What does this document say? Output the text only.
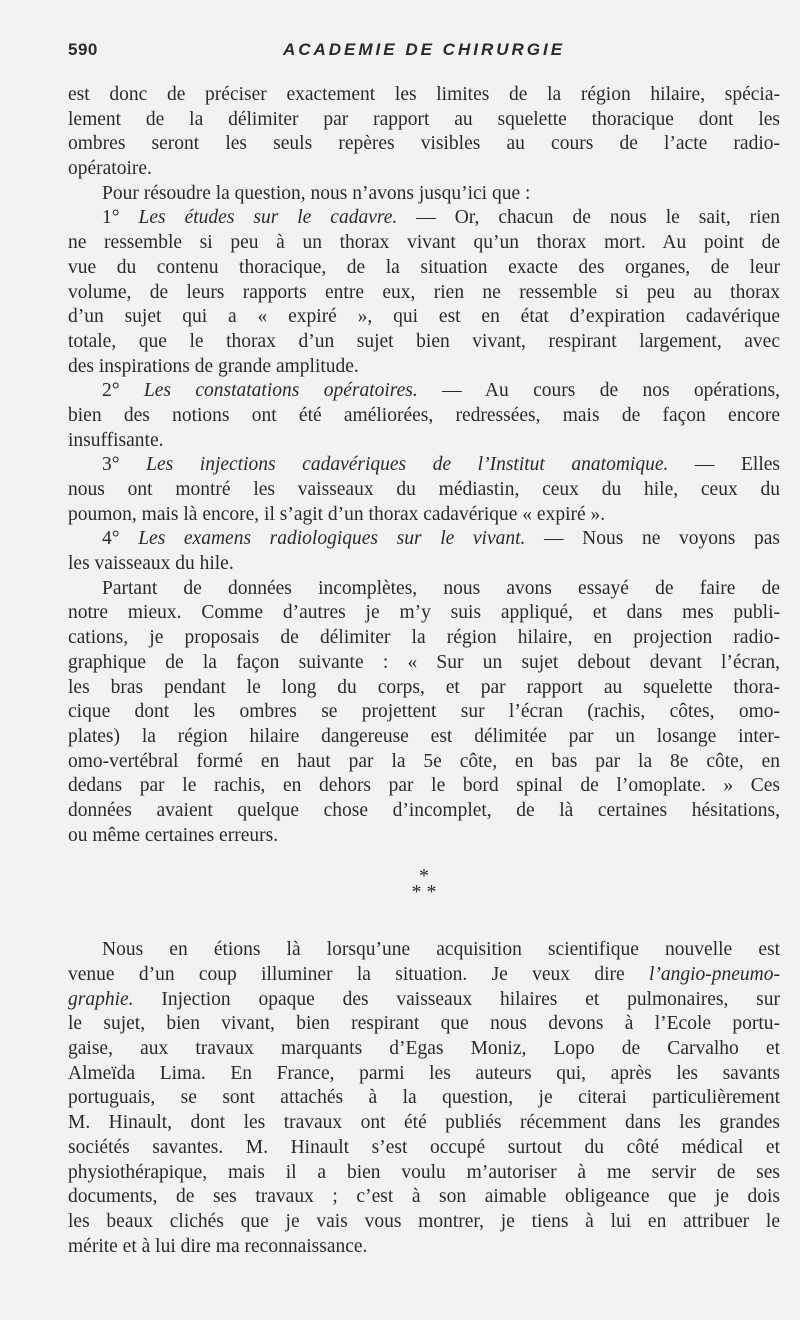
590	ACADEMIE DE CHIRURGIE
est donc de préciser exactement les limites de la région hilaire, spécia-
lement de la délimiter par rapport au squelette thoracique dont les
ombres seront les seuls repères visibles au cours de l’acte radio-
opératoire.
Pour résoudre la question, nous n’avons jusqu’ici que :
1° Les études sur le cadavre. — Or, chacun de nous le sait, rien
ne ressemble si peu à un thorax vivant qu’un thorax mort. Au point de
vue du contenu thoracique, de la situation exacte des organes, de leur
volume, de leurs rapports entre eux, rien ne ressemble si peu au thorax
d’un sujet qui a « expiré », qui est en état d’expiration cadavérique
totale, que le thorax d’un sujet bien vivant, respirant largement, avec
des inspirations de grande amplitude.
2° Les constatations opératoires. — Au cours de nos opérations,
bien des notions ont été améliorées, redressées, mais de façon encore
insuffisante.
3° Les injections cadavériques de l’Institut anatomique. — Elles
nous ont montré les vaisseaux du médiastin, ceux du hile, ceux du
poumon, mais là encore, il s’agit d’un thorax cadavérique « expiré ».
4° Les examens radiologiques sur le vivant. — Nous ne voyons pas
les vaisseaux du hile.
Partant de données incomplètes, nous avons essayé de faire de
notre mieux. Comme d’autres je m’y suis appliqué, et dans mes publi-
cations, je proposais de délimiter la région hilaire, en projection radio-
graphique de la façon suivante : « Sur un sujet debout devant l’écran,
les bras pendant le long du corps, et par rapport au squelette thora-
cique dont les ombres se projettent sur l’écran (rachis, côtes, omo-
plates) la région hilaire dangereuse est délimitée par un losange inter-
omo-vertébral formé en haut par la 5e côte, en bas par la 8e côte, en
dedans par le rachis, en dehors par le bord spinal de l’omoplate. » Ces
données avaient quelque chose d’incomplet, de là certaines hésitations,
ou même certaines erreurs.
*
* *
Nous en étions là lorsqu’une acquisition scientifique nouvelle est
venue d’un coup illuminer la situation. Je veux dire l’angio-pneumo-
graphie. Injection opaque des vaisseaux hilaires et pulmonaires, sur
le sujet, bien vivant, bien respirant que nous devons à l’Ecole portu-
gaise, aux travaux marquants d’Egas Moniz, Lopo de Carvalho et
Almeïda Lima. En France, parmi les auteurs qui, après les savants
portuguais, se sont attachés à la question, je citerai particulièrement
M. Hinault, dont les travaux ont été publiés récemment dans les grandes
sociétés savantes. M. Hinault s’est occupé surtout du côté médical et
physiothérapique, mais il a bien voulu m’autoriser à me servir de ses
documents, de ses travaux ; c’est à son aimable obligeance que je dois
les beaux clichés que je vais vous montrer, je tiens à lui en attribuer le
mérite et à lui dire ma reconnaissance.
